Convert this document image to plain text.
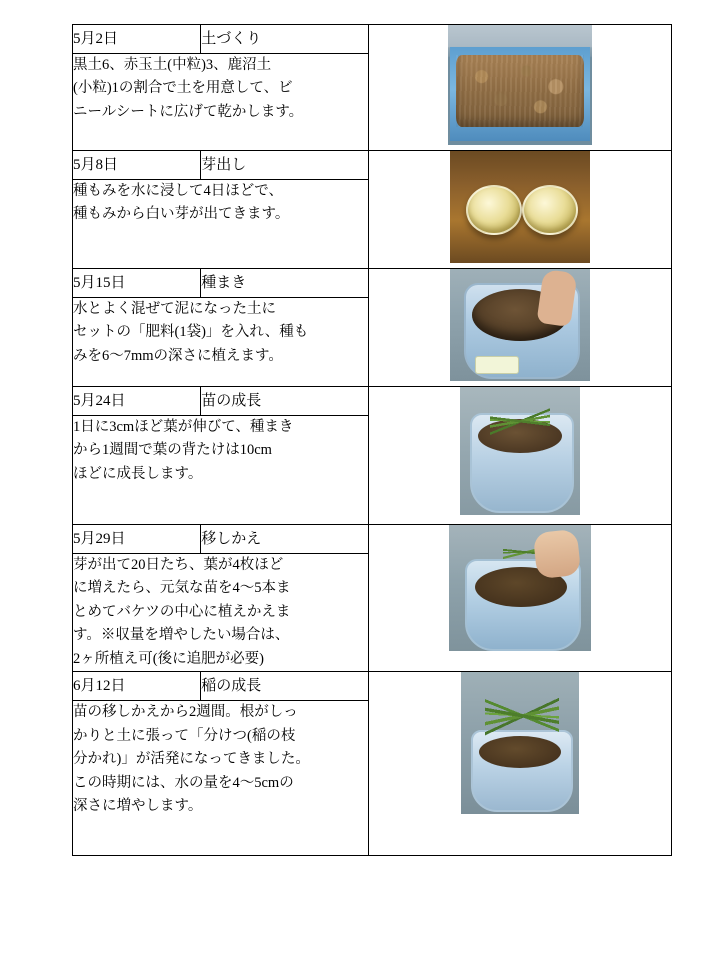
5月2日	土づくり	

黒土6、赤玉土(中粒)3、鹿沼土
(小粒)1の割合で土を用意して、ビ
ニールシートに広げて乾かします。		

5月8日	芽出し	

種もみを水に浸して4日ほどで、
種もみから白い芽が出てきます。		

5月15日	種まき	

水とよく混ぜて泥になった土に
セットの「肥料(1袋)」を入れ、種も
みを6〜7mmの深さに植えます。		

5月24日	苗の成長	

1日に3cmほど葉が伸びて、種まき
から1週間で葉の背たけは10cm
ほどに成長します。		

5月29日	移しかえ	

芽が出て20日たち、葉が4枚ほど
に増えたら、元気な苗を4〜5本ま
とめてバケツの中心に植えかえま
す。※収量を増やしたい場合は、
2ヶ所植え可(後に追肥が必要)		

6月12日	稲の成長	

苗の移しかえから2週間。根がしっ
かりと土に張って「分けつ(稲の枝
分かれ)」が活発になってきました。
この時期には、水の量を4〜5cmの
深さに増やします。		
